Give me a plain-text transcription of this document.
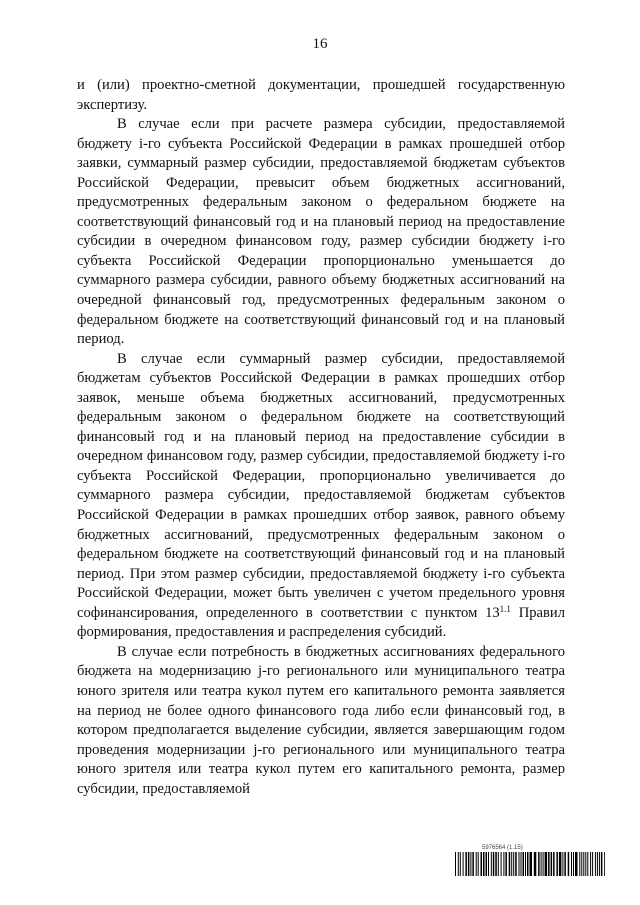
16

и (или) проектно-сметной документации, прошедшей государственную экспертизу.

В случае если при расчете размера субсидии, предоставляемой бюджету i-го субъекта Российской Федерации в рамках прошедшей отбор заявки, суммарный размер субсидии, предоставляемой бюджетам субъектов Российской Федерации, превысит объем бюджетных ассигнований, предусмотренных федеральным законом о федеральном бюджете на соответствующий финансовый год и на плановый период на предоставление субсидии в очередном финансовом году, размер субсидии бюджету i-го субъекта Российской Федерации пропорционально уменьшается до суммарного размера субсидии, равного объему бюджетных ассигнований на очередной финансовый год, предусмотренных федеральным законом о федеральном бюджете на соответствующий финансовый год и на плановый период.

В случае если суммарный размер субсидии, предоставляемой бюджетам субъектов Российской Федерации в рамках прошедших отбор заявок, меньше объема бюджетных ассигнований, предусмотренных федеральным законом о федеральном бюджете на соответствующий финансовый год и на плановый период на предоставление субсидии в очередном финансовом году, размер субсидии, предоставляемой бюджету i-го субъекта Российской Федерации, пропорционально увеличивается до суммарного размера субсидии, предоставляемой бюджетам субъектов Российской Федерации в рамках прошедших отбор заявок, равного объему бюджетных ассигнований, предусмотренных федеральным законом о федеральном бюджете на соответствующий финансовый год и на плановый период. При этом размер субсидии, предоставляемой бюджету i-го субъекта Российской Федерации, может быть увеличен с учетом предельного уровня софинансирования, определенного в соответствии с пунктом $13^{1.1}$ Правил формирования, предоставления и распределения субсидий.

В случае если потребность в бюджетных ассигнованиях федерального бюджета на модернизацию j-го регионального или муниципального театра юного зрителя или театра кукол путем его капитального ремонта заявляется на период не более одного финансового года либо если финансовый год, в котором предполагается выделение субсидии, является завершающим годом проведения модернизации j-го регионального или муниципального театра юного зрителя или театра кукол путем его капитального ремонта, размер субсидии, предоставляемой

5976564 (1.15)
